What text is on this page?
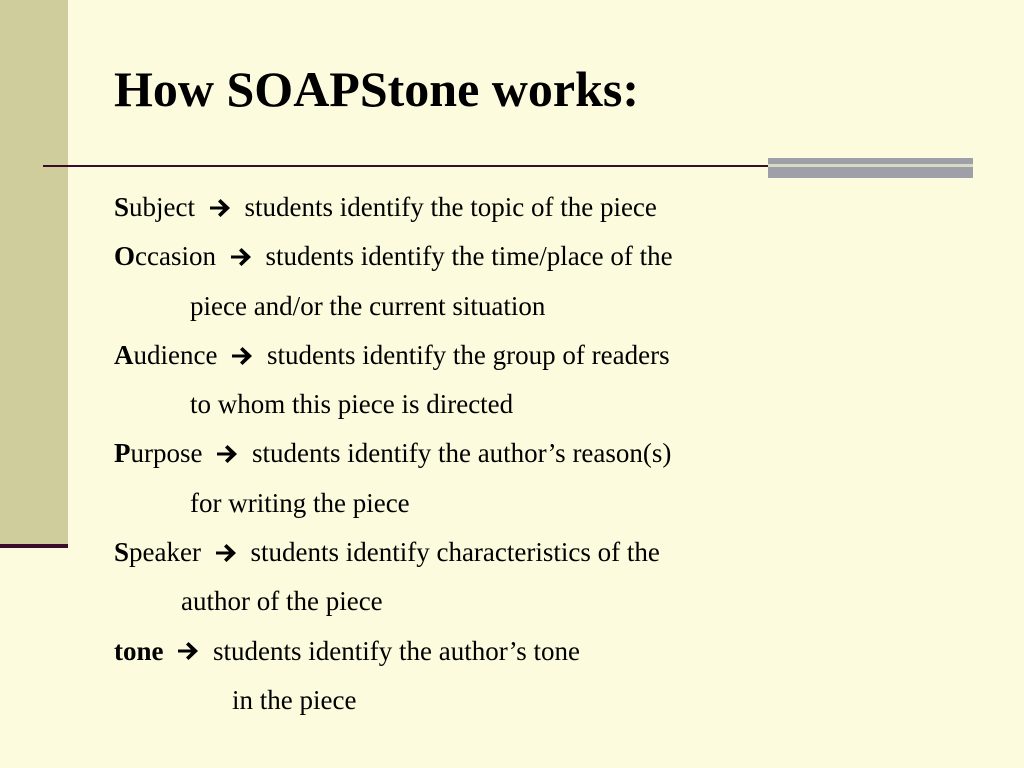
How SOAPStone works:
Subject students identify the topic of the piece
Occasion students identify the time/place of the
piece and/or the current situation
Audience students identify the group of readers
to whom this piece is directed
Purpose students identify the author’s reason(s)
for writing the piece
Speaker students identify characteristics of the
author of the piece
tone students identify the author’s tone
in the piece
